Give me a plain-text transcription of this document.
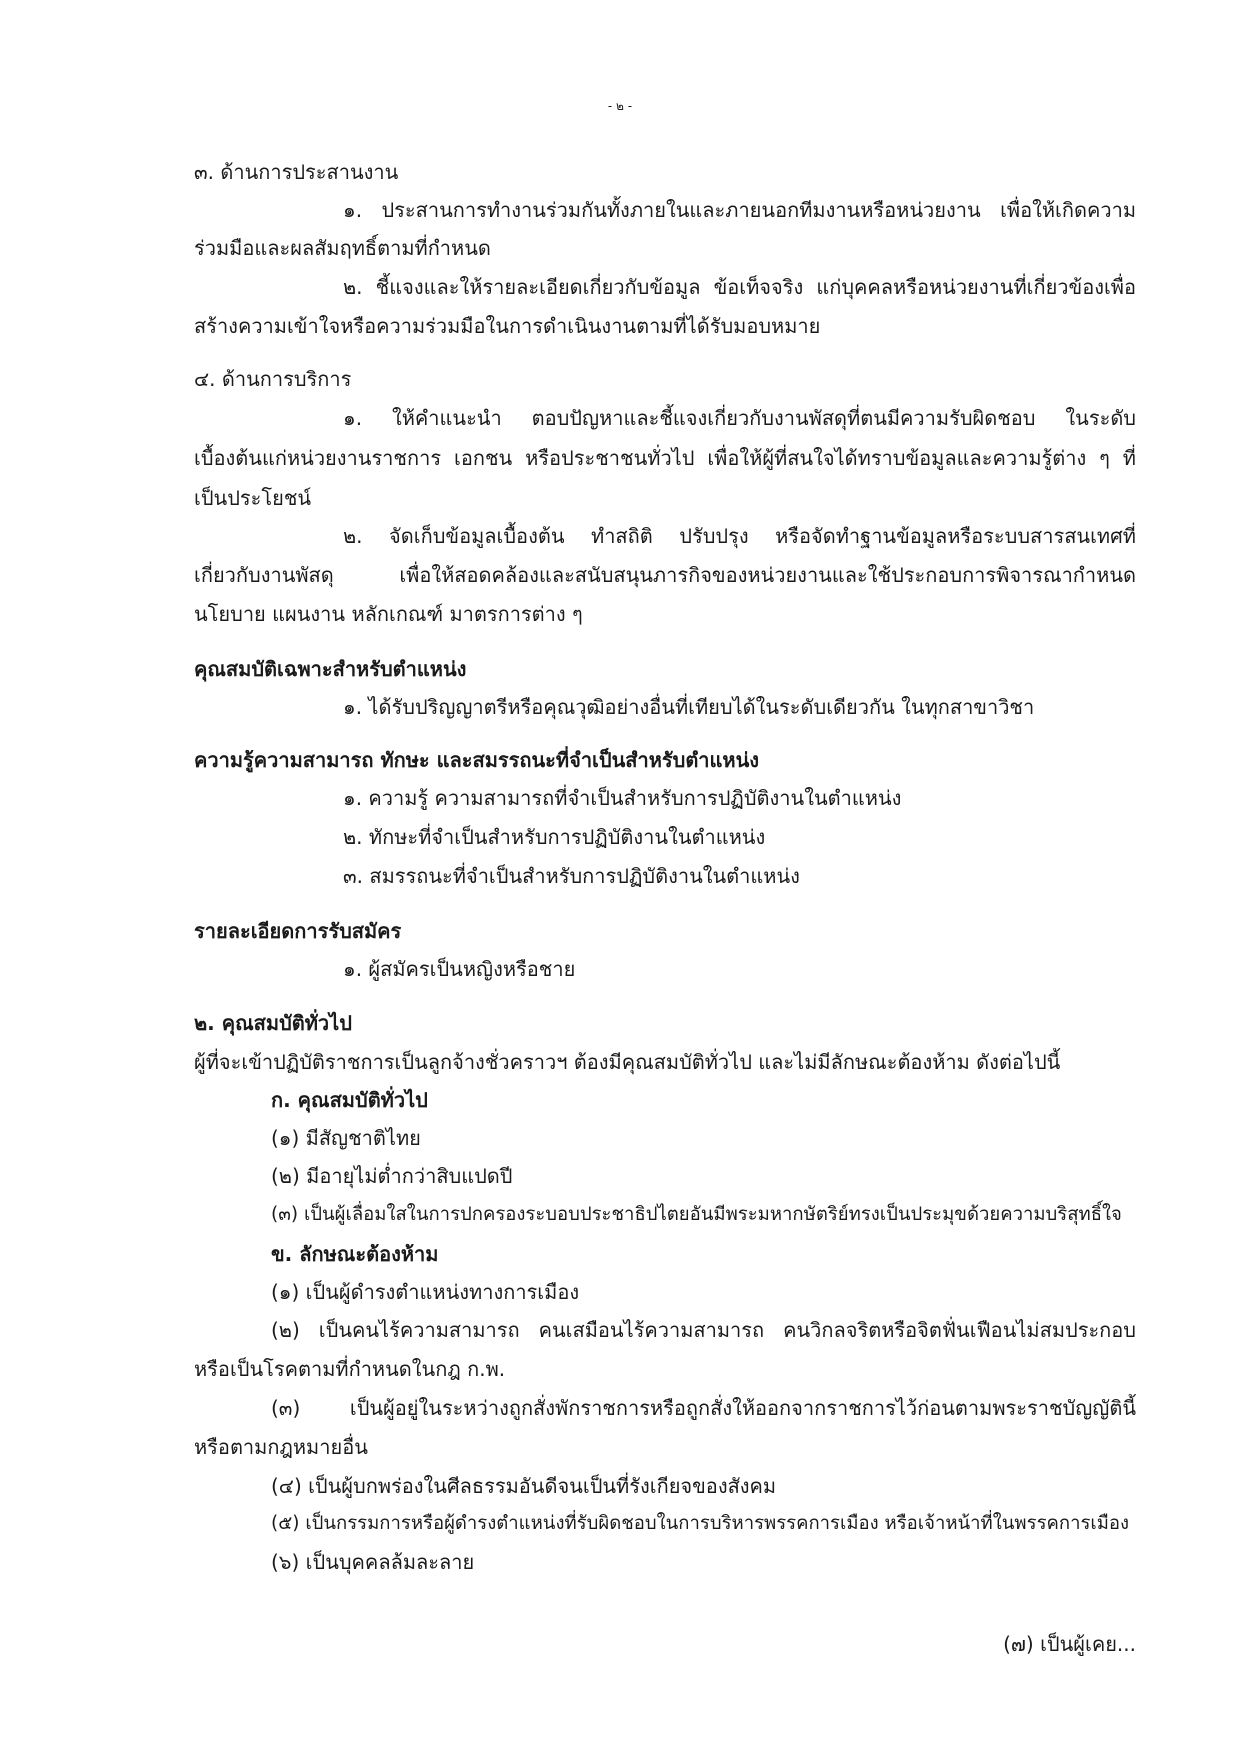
- ๒ -
๓. ด้านการประสานงาน
๑. ประสานการทำงานร่วมกันทั้งภายในและภายนอกทีมงานหรือหน่วยงาน เพื่อให้เกิดความ
ร่วมมือและผลสัมฤทธิ์ตามที่กำหนด
๒. ชี้แจงและให้รายละเอียดเกี่ยวกับข้อมูล ข้อเท็จจริง แก่บุคคลหรือหน่วยงานที่เกี่ยวข้องเพื่อ
สร้างความเข้าใจหรือความร่วมมือในการดำเนินงานตามที่ได้รับมอบหมาย
๔. ด้านการบริการ
๑. ให้คำแนะนำ ตอบปัญหาและชี้แจงเกี่ยวกับงานพัสดุที่ตนมีความรับผิดชอบ ในระดับ
เบื้องต้นแก่หน่วยงานราชการ เอกชน หรือประชาชนทั่วไป เพื่อให้ผู้ที่สนใจได้ทราบข้อมูลและความรู้ต่าง ๆ ที่
เป็นประโยชน์
๒. จัดเก็บข้อมูลเบื้องต้น ทำสถิติ ปรับปรุง หรือจัดทำฐานข้อมูลหรือระบบสารสนเทศที่
เกี่ยวกับงานพัสดุ เพื่อให้สอดคล้องและสนับสนุนภารกิจของหน่วยงานและใช้ประกอบการพิจารณากำหนด
นโยบาย แผนงาน หลักเกณฑ์ มาตรการต่าง ๆ
คุณสมบัติเฉพาะสำหรับตำแหน่ง
๑. ได้รับปริญญาตรีหรือคุณวุฒิอย่างอื่นที่เทียบได้ในระดับเดียวกัน ในทุกสาขาวิชา
ความรู้ความสามารถ ทักษะ และสมรรถนะที่จำเป็นสำหรับตำแหน่ง
๑. ความรู้ ความสามารถที่จำเป็นสำหรับการปฏิบัติงานในตำแหน่ง
๒. ทักษะที่จำเป็นสำหรับการปฏิบัติงานในตำแหน่ง
๓. สมรรถนะที่จำเป็นสำหรับการปฏิบัติงานในตำแหน่ง
รายละเอียดการรับสมัคร
๑. ผู้สมัครเป็นหญิงหรือชาย
๒. คุณสมบัติทั่วไป
ผู้ที่จะเข้าปฏิบัติราชการเป็นลูกจ้างชั่วคราวฯ ต้องมีคุณสมบัติทั่วไป และไม่มีลักษณะต้องห้าม ดังต่อไปนี้
ก. คุณสมบัติทั่วไป
(๑) มีสัญชาติไทย
(๒) มีอายุไม่ต่ำกว่าสิบแปดปี
(๓) เป็นผู้เลื่อมใสในการปกครองระบอบประชาธิปไตยอันมีพระมหากษัตริย์ทรงเป็นประมุขด้วยความบริสุทธิ์ใจ
ข. ลักษณะต้องห้าม
(๑) เป็นผู้ดำรงตำแหน่งทางการเมือง
(๒) เป็นคนไร้ความสามารถ คนเสมือนไร้ความสามารถ คนวิกลจริตหรือจิตฟั่นเฟือนไม่สมประกอบ
หรือเป็นโรคตามที่กำหนดในกฎ ก.พ.
(๓) เป็นผู้อยู่ในระหว่างถูกสั่งพักราชการหรือถูกสั่งให้ออกจากราชการไว้ก่อนตามพระราชบัญญัตินี้
หรือตามกฎหมายอื่น
(๔) เป็นผู้บกพร่องในศีลธรรมอันดีจนเป็นที่รังเกียจของสังคม
(๕) เป็นกรรมการหรือผู้ดำรงตำแหน่งที่รับผิดชอบในการบริหารพรรคการเมือง หรือเจ้าหน้าที่ในพรรคการเมือง
(๖) เป็นบุคคลล้มละลาย
(๗) เป็นผู้เคย...
